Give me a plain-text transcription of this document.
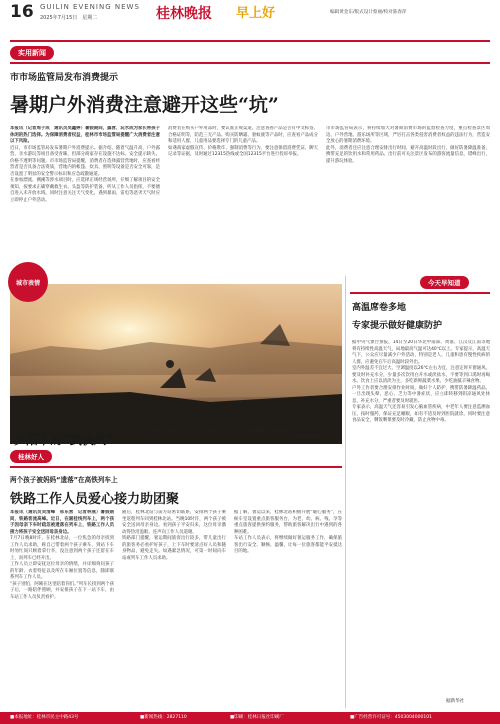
16 GUILIN EVENING NEWS
2025年7月15日　星期二	桂林晚报 早上好	编辑黄金东/版式设计蔡丽/校对陈春萍
实用新闻
市市场监管局发布消费提示
暑期户外消费注意避开这些“坑”
本报讯（记者周子成　通讯员吴鑫婷）暑假期间，露营、玩水成为家长带孩子休闲的热门选择。为保障消费者权益，桂林市市场监管局提醒广大消费者注意以下风险。
近日，市市场监管局发布暑期户外消费提示。据介绍，随着气温升高，户外露营、亲水游玩等项目备受青睐，但部分商家存在设施不达标、安全提示缺失、价格不透明等问题。市市场监管局提醒，消费者在选择露营营地时，应查看经营者是否具备合法资质，营地内的帐篷、炊具、照明等设备是否安全可靠，是否设置了明显的安全警示标识和应急疏散通道。
在参加漂流、溯溪等涉水项目时，应选择正规经营场所，仔细了解项目的安全须知，按要求正确穿戴救生衣、头盔等防护装备，听从工作人员指挥，不要擅自进入未开放水域。同时注意关注天气变化，遇到暴雨、雷电等恶劣天气时应立即停止户外活动。
消费者在购买户外用品时，要认准正规渠道，注意查看产品是否有中文标签、合格证明等，防范三无产品。购买防晒霜、驱蚊液等产品时，应查看产品成分和适用人群，儿童用品要选择专门的儿童产品。
如遇商家虚假宣传、价格欺诈、强制消费等行为，要注意保留消费凭证、聊天记录等证据，及时通过12315热线或全国12315平台进行投诉举报。
市市场监管局表示，将持续加大对暑期消费市场的监督检查力度，重点检查景区周边、户外营地、游乐场所等区域，严厉打击各类侵害消费者权益的违法行为，营造安全放心的暑期消费环境。
此外，消费者还应注意合理安排出行时间，避开高温时段出行，做好防暑降温准备，携带充足的饮用水和常用药品。出行前可关注景区发布的游客流量信息，错峰出行，提升游玩体验。
城市表情
夕阳下的“武侠风”
近日，夕阳西下时，在穿山公园小东江上，一位游客低摆“武侠风”的照片。	记者 陈园 摄
今天早知道
高温席卷多地
专家提示做好健康防护
据中央气象台预报，14日至20日华北中南部、黄淮、江汉及江南等地将有持续性高温天气，局地最高气温可达40℃以上。专家提示，高温天气下，公众应尽量减少户外活动，特别是老人、儿童和患有慢性疾病的人群，应避免在午后高温时段外出。
室内外温差不宜过大，空调温度以26℃左右为宜，注意定时开窗通风。要及时补充水分，少量多次饮用白开水或淡盐水，不要等到口渴时再喝水。饮食上应以清淡为主，多吃新鲜蔬菜水果，少吃油腻辛辣食物。
户外工作者要合理安排作业时间，做好个人防护，携带防暑降温药品。一旦出现头晕、恶心、乏力等中暑症状，应立即转移到阴凉通风处休息，补充水分，严重者要及时就医。
专家表示，高温天气还容易引发心脑血管疾病，中老年人要注意监测血压，按时服药，保证充足睡眠，如有不适及时到医院就诊。同时要注意食品安全，剩饭剩菜要及时冷藏，防止食物中毒。
据新华社
桂林好人
两个孩子被妈妈“遗落”在高铁列车上
铁路工作人员爱心接力助团聚
本报讯（通讯员吴清峰　邢东营　记者林燕）暑假期间，铁路客流高峰。近日，在湘桂线列车上，两个孩子因母亲下车时疏忽被遗落在列车上，铁路工作人员接力将孩子安全送回母亲身边。
7月7日晚8时许，在桂林北站，一位焦急的母亲找到工作人员求助，称自己带着两个孩子乘车，到站下车时匆忙间只顾着拿行李，没注意到两个孩子还留在车上，而列车已经开出。
工作人员立即安抚这位母亲的情绪，并详细询问孩子的年龄、衣着特征以及所在车厢位置等信息，随即联系列车工作人员。
“孩子别怕，阿姨在这里陪着你们。”列车长找到两个孩子后，一路陪伴照顾，并安排孩子在下一站下车，由车站工作人员负责看护。
随后，桂林北站与前方站密切联系，安排两个孩子乘坐返程列车回到桂林北站。当晚10时许，两个孩子被安全送回母亲身边。看到孩子平安归来，这位母亲激动得热泪盈眶，连声向工作人员道谢。
铁路部门提醒，暑运期间旅客出行较多，带儿童出行的旅客务必看护好孩子，上下车时要清点好人员和随身物品，避免走失。如遇紧急情况，可第一时间向车站或列车工作人员求助。
据了解，暑运以来，桂林北站积极开展“暖心服务”，在候车室设置重点旅客服务台，为老、幼、病、残、孕等重点旅客提供预约服务，帮助旅客解决出行中遇到的各种困难。
车站工作人员表示，将继续做好暑运服务工作，确保旅客出行安全、顺畅、温馨，让每一位旅客都能平安抵达目的地。
■本报地址：桂林市民主中路43号	■新闻热线：2827110	■印刷：桂林日报社印刷厂	■广告经营许可证号：4503004000101
